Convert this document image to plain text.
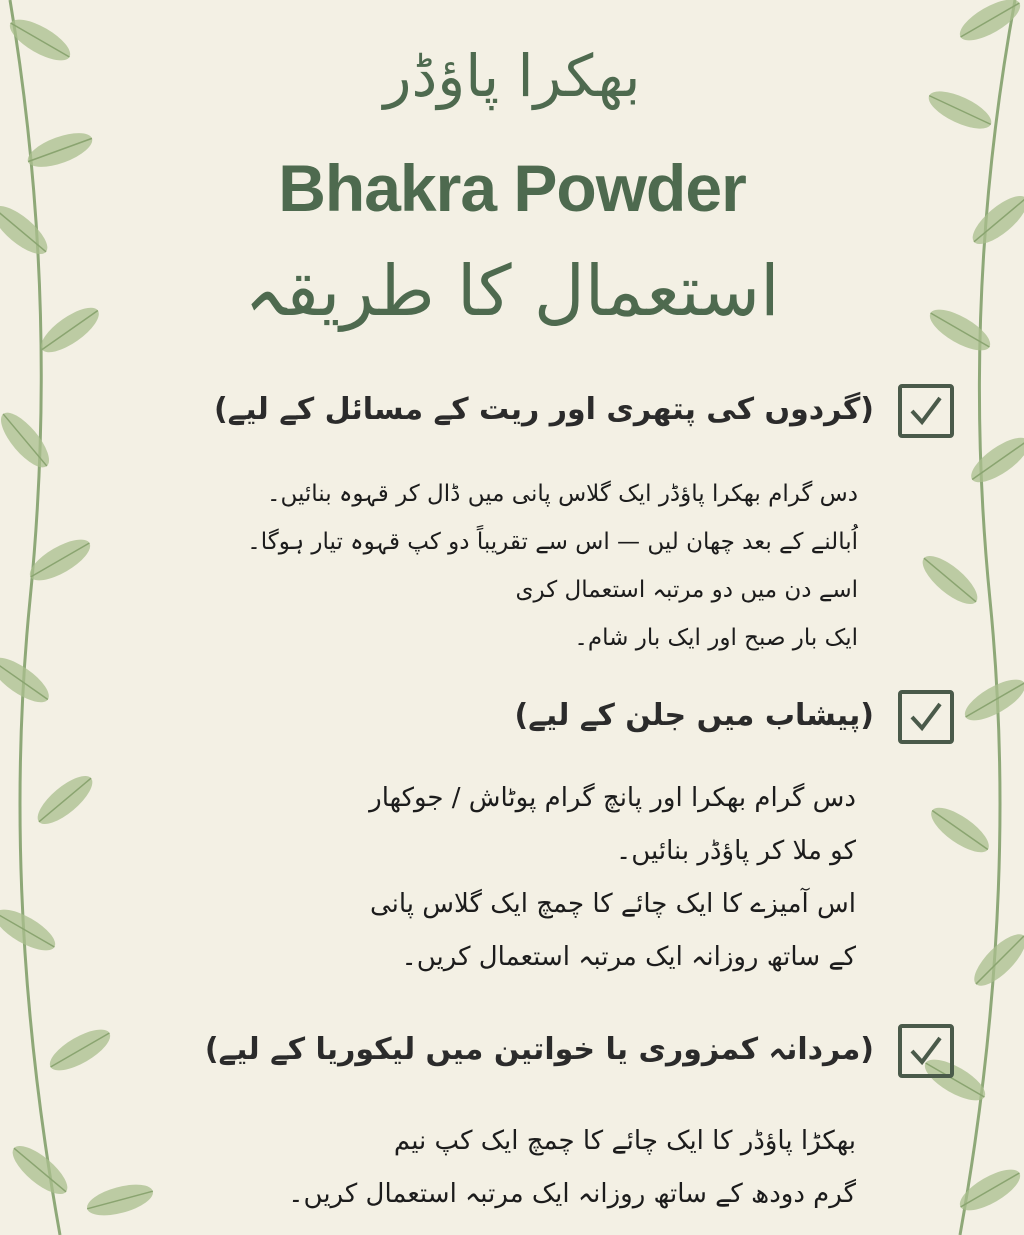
بھکرا پاؤڈر
Bhakra Powder
استعمال کا طریقہ
(گردوں کی پتھری اور ریت کے مسائل کے لیے)
دس گرام بھکرا پاؤڈر ایک گلاس پانی میں ڈال کر قہوہ بنائیں۔
اُبالنے کے بعد چھان لیں — اس سے تقریباً دو کپ قہوہ تیار ہوگا۔
اسے دن میں دو مرتبہ استعمال کری
ایک بار صبح اور ایک بار شام۔
(پیشاب میں جلن کے لیے)
دس گرام بھکرا اور پانچ گرام پوٹاش / جوکھار
کو ملا کر پاؤڈر بنائیں۔
اس آمیزے کا ایک چائے کا چمچ ایک گلاس پانی
کے ساتھ روزانہ ایک مرتبہ استعمال کریں۔
(مردانہ کمزوری یا خواتین میں لیکوریا کے لیے)
بھکڑا پاؤڈر کا ایک چائے کا چمچ ایک کپ نیم
گرم دودھ کے ساتھ روزانہ ایک مرتبہ استعمال کریں۔
